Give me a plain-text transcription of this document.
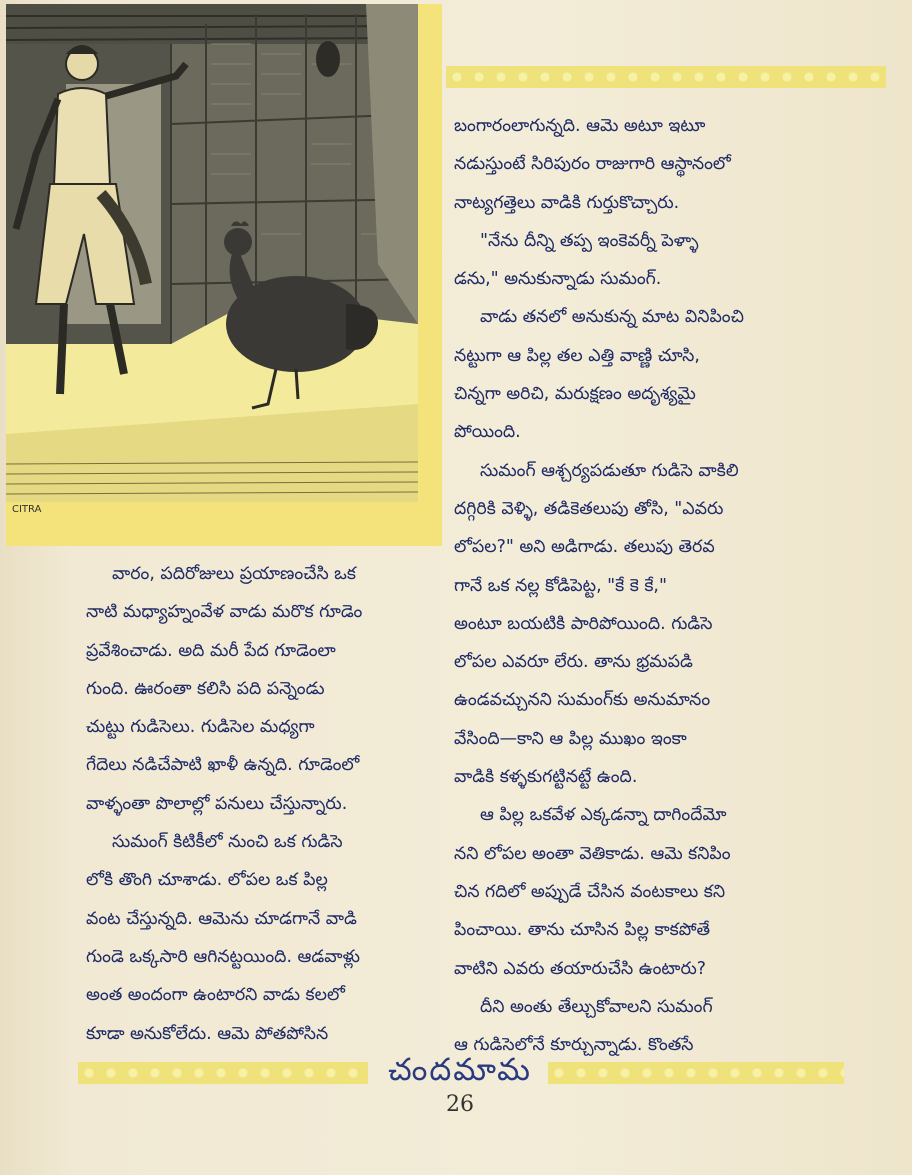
CITRA
బంగారంలాగున్నది. ఆమె అటూ ఇటూ
నడుస్తుంటే సిరిపురం రాజుగారి ఆస్థానంలో
నాట్యగత్తెలు వాడికి గుర్తుకొచ్చారు.
"నేను దీన్ని తప్ప ఇంకెవర్నీ పెళ్ళా
డను," అనుకున్నాడు సుమంగ్.
వాడు తనలో అనుకున్న మాట వినిపించి
నట్టుగా ఆ పిల్ల తల ఎత్తి వాణ్ణి చూసి,
చిన్నగా అరిచి, మరుక్షణం అదృశ్యమై
పోయింది.
సుమంగ్ ఆశ్చర్యపడుతూ గుడిసె వాకిలి
దగ్గిరికి వెళ్ళి, తడికెతలుపు తోసి, "ఎవరు
లోపల?" అని అడిగాడు. తలుపు తెరవ
గానే ఒక నల్ల కోడిపెట్ట, "కే కె కే,"
అంటూ బయటికి పారిపోయింది. గుడిసె
లోపల ఎవరూ లేరు. తాను భ్రమపడి
ఉండవచ్చునని సుమంగ్‌కు అనుమానం
వేసింది—కాని ఆ పిల్ల ముఖం ఇంకా
వాడికి కళ్ళకుగట్టినట్టే ఉంది.
ఆ పిల్ల ఒకవేళ ఎక్కడన్నా దాగిందేమో
నని లోపల అంతా వెతికాడు. ఆమె కనిపిం
చిన గదిలో అప్పుడే చేసిన వంటకాలు కని
పించాయి. తాను చూసిన పిల్ల కాకపోతే
వాటిని ఎవరు తయారుచేసి ఉంటారు?
దీని అంతు తేల్చుకోవాలని సుమంగ్
ఆ గుడిసెలోనే కూర్చున్నాడు. కొంతసే
వారం, పదిరోజులు ప్రయాణంచేసి ఒక
నాటి మధ్యాహ్నంవేళ వాడు మరొక గూడెం
ప్రవేశించాడు. అది మరీ పేద గూడెంలా
గుంది. ఊరంతా కలిసి పది పన్నెండు
చుట్టు గుడిసెలు. గుడిసెల మధ్యగా
గేదెలు నడిచేపాటి ఖాళీ ఉన్నది. గూడెంలో
వాళ్ళంతా పొలాల్లో పనులు చేస్తున్నారు.
సుమంగ్ కిటికీలో నుంచి ఒక గుడిసె
లోకి తొంగి చూశాడు. లోపల ఒక పిల్ల
వంట చేస్తున్నది. ఆమెను చూడగానే వాడి
గుండె ఒక్కసారి ఆగినట్టయింది. ఆడవాళ్లు
అంత అందంగా ఉంటారని వాడు కలలో
కూడా అనుకోలేదు. ఆమె పోతపోసిన
చందమామ
26
